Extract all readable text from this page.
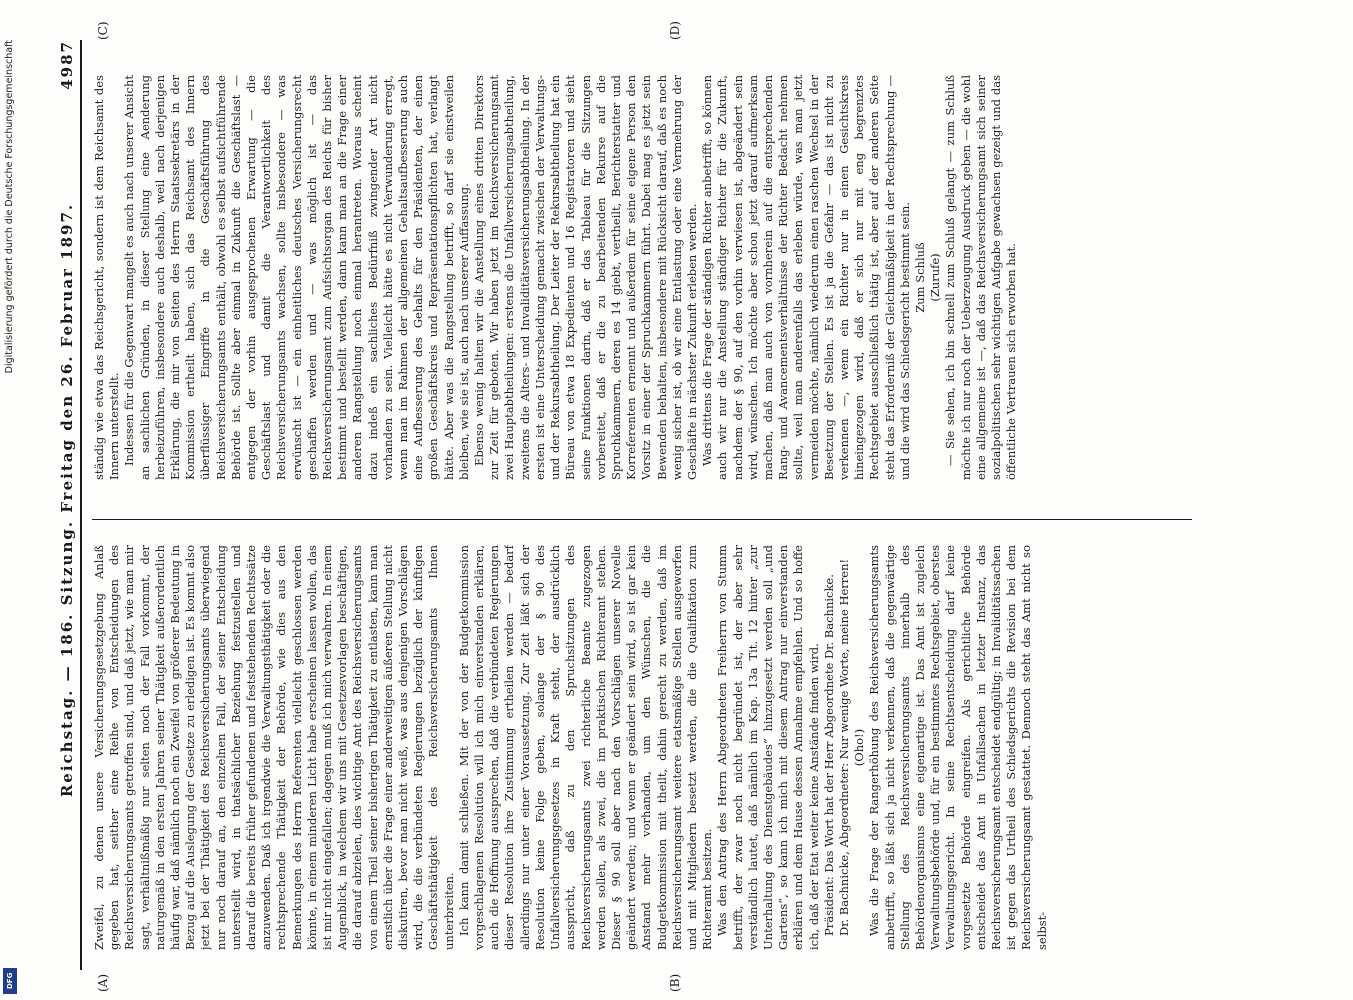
Reichstag. — 186. Sitzung. Freitag den 26. Februar 1897.
4987
(A)	(B)
(C)	(D)

Zweifel, zu denen unsere Versicherungsgesetzgebung Anlaß gegeben hat, seither eine Reihe von Entscheidungen des Reichsversicherungsamts getroffen sind, und daß jetzt, wie man mir sagt, verhältnißmäßig nur selten noch der Fall vorkommt, der naturgemäß in den ersten Jahren seiner Thätigkeit außerordentlich häufig war, daß nämlich noch ein Zweifel von größerer Bedeutung in Bezug auf die Auslegung der Gesetze zu erledigen ist. Es kommt also jetzt bei der Thätigkeit des Reichsversicherungsamts überwiegend nur noch darauf an, den einzelnen Fall, der seiner Entscheidung unterstellt wird, in thatsächlicher Beziehung festzustellen und darauf die bereits früher gefundenen und feststehenden Rechtssätze anzuwenden. Daß ich irgendwie die Verwaltungsthätigkeit oder die rechtsprechende Thätigkeit der Behörde, wie dies aus den Bemerkungen des Herrn Referenten vielleicht geschlossen werden könnte, in einem minderen Licht habe erscheinen lassen wollen, das ist mir nicht eingefallen; dagegen muß ich mich verwahren. In einem Augenblick, in welchem wir uns mit Gesetzesvorlagen beschäftigen, die darauf abzielen, dies wichtige Amt des Reichsversicherungsamts von einem Theil seiner bisherigen Thätigkeit zu entlasten, kann man ernstlich über die Frage einer anderweitigen äußeren Stellung nicht diskutiren, bevor man nicht weiß, was aus denjenigen Vorschlägen wird, die die verbündeten Regierungen bezüglich der künftigen Geschäftsthätigkeit des Reichsversicherungsamts Ihnen unterbreiten. Ich kann damit schließen. Mit der von der Budgetkommission vorgeschlagenen Resolution will ich mich einverstanden erklären, auch die Hoffnung aussprechen, daß die verbündeten Regierungen dieser Resolution ihre Zustimmung ertheilen werden — bedarf allerdings nur unter einer Voraussetzung. Zur Zeit läßt sich der Resolution keine Folge geben, solange der § 90 des Unfallversicherungsgesetzes in Kraft steht, der ausdrücklich ausspricht, daß zu den Spruchsitzungen des Reichsversicherungsamts zwei richterliche Beamte zugezogen werden sollen, als zwei, die im praktischen Richteramt stehen. Dieser § 90 soll aber nach den Vorschlägen unserer Novelle geändert werden; und wenn er geändert sein wird, so ist gar kein Anstand mehr vorhanden, um den Wünschen, die die Budgetkommission mit theilt, dahin gerecht zu werden, daß im Reichsversicherungsamt weitere etatsmäßige Stellen ausgeworfen und mit Mitgliedern besetzt werden, die die Qualifikation zum Richteramt besitzen. Was den Antrag des Herrn Abgeordneten Freiherrn von Stumm betrifft, der zwar noch nicht begründet ist, der aber sehr verständlich lautet, daß nämlich im Kap. 13a Tit. 12 hinter „zur Unterhaltung des Dienstgebäudes“ hinzugesetzt werden soll „und Gartens“, so kann ich mich mit diesem Antrag nur einverstanden erklären und dem Hause dessen Annahme empfehlen. Und so hoffe ich, daß der Etat weiter keine Anstände finden wird. Präsident: Das Wort hat der Herr Abgeordnete Dr. Bachnicke. Dr. Bachnicke, Abgeordneter: Nur wenige Worte, meine Herren! (Oho!) Was die Frage der Rangerhöhung des Reichsversicherungsamts anbetrifft, so läßt sich ja nicht verkennen, daß die gegenwärtige Stellung des Reichsversicherungsamts innerhalb des Behördenorganismus eine eigenartige ist. Das Amt ist zugleich Verwaltungsbehörde und, für ein bestimmtes Rechtsgebiet, oberstes Verwaltungsgericht. In seine Rechtsentscheidung darf keine vorgesetzte Behörde eingreifen. Als gerichtliche Behörde entscheidet das Amt in Unfallsachen in letzter Instanz, das Reichsversicherungsamt entscheidet endgültig; in Invaliditätssachen ist gegen das Urtheil des Schiedsgerichts die Revision bei dem Reichsversicherungsamt gestattet. Dennoch steht das Amt nicht so selbst-

ständig wie etwa das Reichsgericht, sondern ist dem Reichsamt des Innern unterstellt. Indessen für die Gegenwart mangelt es auch nach unserer Ansicht an sachlichen Gründen, in dieser Stellung eine Aenderung herbeizuführen, insbesondere auch deshalb, weil nach derjenigen Erklärung, die mir von Seiten des Herrn Staatssekretärs in der Kommission ertheilt haben, sich das Reichsamt des Innern überflüssiger Eingriffe in die Geschäftsführung des Reichsversicherungsamts enthält, obwohl es selbst aufsichtführende Behörde ist. Sollte aber einmal in Zukunft die Geschäftslast — entgegen der vorhin ausgesprochenen Erwartung — die Geschäftslast und damit die Verantwortlichkeit des Reichsversicherungsamts wachsen, sollte insbesondere — was erwünscht ist — ein einheitliches deutsches Versicherungsrecht geschaffen werden und — was möglich ist — das Reichsversicherungsamt zum Aufsichtsorgan des Reichs für bisher bestimmt und bestellt werden, dann kann man an die Frage einer anderen Rangstellung noch einmal herantreten. Woraus scheint dazu indeß ein sachliches Bedürfniß zwingender Art nicht vorhanden zu sein. Vielleicht hätte es nicht Verwunderung erregt, wenn man im Rahmen der allgemeinen Gehaltsaufbesserung auch eine Aufbesserung des Gehalts für den Präsidenten, der einen großen Geschäftskreis und Repräsentationspflichten hat, verlangt hätte. Aber was die Rangstellung betrifft, so darf sie einstweilen bleiben, wie sie ist, auch nach unserer Auffassung. Ebenso wenig halten wir die Anstellung eines dritten Direktors zur Zeit für geboten. Wir haben jetzt im Reichsversicherungsamt zwei Hauptabtheilungen: erstens die Unfallversicherungsabtheilung, zweitens die Alters- und Invaliditätsversicherungsabtheilung. In der ersten ist eine Unterscheidung gemacht zwischen der Verwaltungs- und der Rekursabtheilung. Der Leiter der Rekursabtheilung hat ein Büreau von etwa 18 Expedienten und 16 Registratoren und sieht seine Funktionen darin, daß er das Tableau für die Sitzungen vorbereitet, daß er die zu bearbeitenden Rekurse auf die Spruchkammern, deren es 14 giebt, vertheilt, Berichterstatter und Korreferenten ernennt und außerdem für seine eigene Person den Vorsitz in einer der Spruchkammern führt. Dabei mag es jetzt sein Bewenden behalten, insbesondere mit Rücksicht darauf, daß es noch wenig sicher ist, ob wir eine Entlastung oder eine Vermehrung der Geschäfte in nächster Zukunft erleben werden. Was drittens die Frage der ständigen Richter anbetrifft, so können auch wir nur die Anstellung ständiger Richter für die Zukunft, nachdem der § 90, auf den vorhin verwiesen ist, abgeändert sein wird, wünschen. Ich möchte aber schon jetzt darauf aufmerksam machen, daß man auch von vornherein auf die entsprechenden Rang- und Avancementsverhältnisse der Richter Bedacht nehmen sollte, weil man anderenfalls das erleben würde, was man jetzt vermeiden möchte, nämlich wiederum einen raschen Wechsel in der Besetzung der Stellen. Es ist ja die Gefahr — das ist nicht zu verkennen —, wenn ein Richter nur in einen Gesichtskreis hineingezogen wird, daß er sich nur mit eng begrenztes Rechtsgebiet ausschließlich thätig ist, aber auf der anderen Seite steht das Erforderniß der Gleichmäßigkeit in der Rechtsprechung — und die wird das Schiedsgericht bestimmt sein. Zum Schluß (Zurufe) — Sie sehen, ich bin schnell zum Schluß gelangt — zum Schluß möchte ich nur noch der Ueberzeugung Ausdruck geben — die wohl eine allgemeine ist —, daß das Reichsversicherungsamt sich seiner sozialpolitischen sehr wichtigen Aufgabe gewachsen gezeigt und das öffentliche Vertrauen sich erworben hat.

Digitalisierung gefördert durch die Deutsche Forschungsgemeinschaft
DFG
